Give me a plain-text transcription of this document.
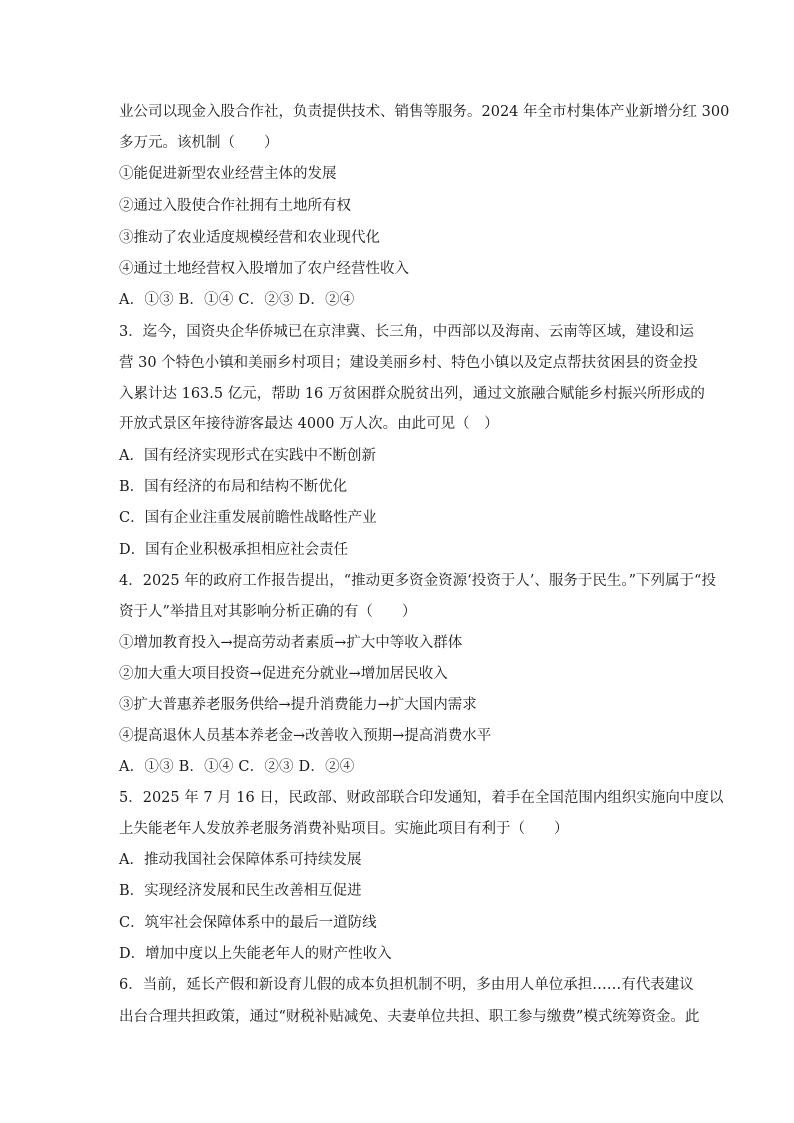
业公司以现金入股合作社，负责提供技术、销售等服务。2024 年全市村集体产业新增分红 300
多万元。该机制（　　）
①能促进新型农业经营主体的发展
②通过入股使合作社拥有土地所有权
③推动了农业适度规模经营和农业现代化
④通过土地经营权入股增加了农户经营性收入
A．①③ B．①④ C．②③ D．②④
3．迄今，国资央企华侨城已在京津冀、长三角，中西部以及海南、云南等区域，建设和运
营 30 个特色小镇和美丽乡村项目；建设美丽乡村、特色小镇以及定点帮扶贫困县的资金投
入累计达 163.5 亿元，帮助 16 万贫困群众脱贫出列，通过文旅融合赋能乡村振兴所形成的
开放式景区年接待游客最达 4000 万人次。由此可见（　）
A．国有经济实现形式在实践中不断创新
B．国有经济的布局和结构不断优化
C．国有企业注重发展前瞻性战略性产业
D．国有企业积极承担相应社会责任
4．2025 年的政府工作报告提出，“推动更多资金资源‘投资于人’、服务于民生。”下列属于“投
资于人”举措且对其影响分析正确的有（　　）
①增加教育投入→提高劳动者素质→扩大中等收入群体
②加大重大项目投资→促进充分就业→增加居民收入
③扩大普惠养老服务供给→提升消费能力→扩大国内需求
④提高退休人员基本养老金→改善收入预期→提高消费水平
A．①③ B．①④ C．②③ D．②④
5．2025 年 7 月 16 日，民政部、财政部联合印发通知，着手在全国范围内组织实施向中度以
上失能老年人发放养老服务消费补贴项目。实施此项目有利于（　　）
A．推动我国社会保障体系可持续发展
B．实现经济发展和民生改善相互促进
C．筑牢社会保障体系中的最后一道防线
D．增加中度以上失能老年人的财产性收入
6．当前，延长产假和新设育儿假的成本负担机制不明，多由用人单位承担……有代表建议
出台合理共担政策，通过“财税补贴减免、夫妻单位共担、职工参与缴费”模式统筹资金。此
